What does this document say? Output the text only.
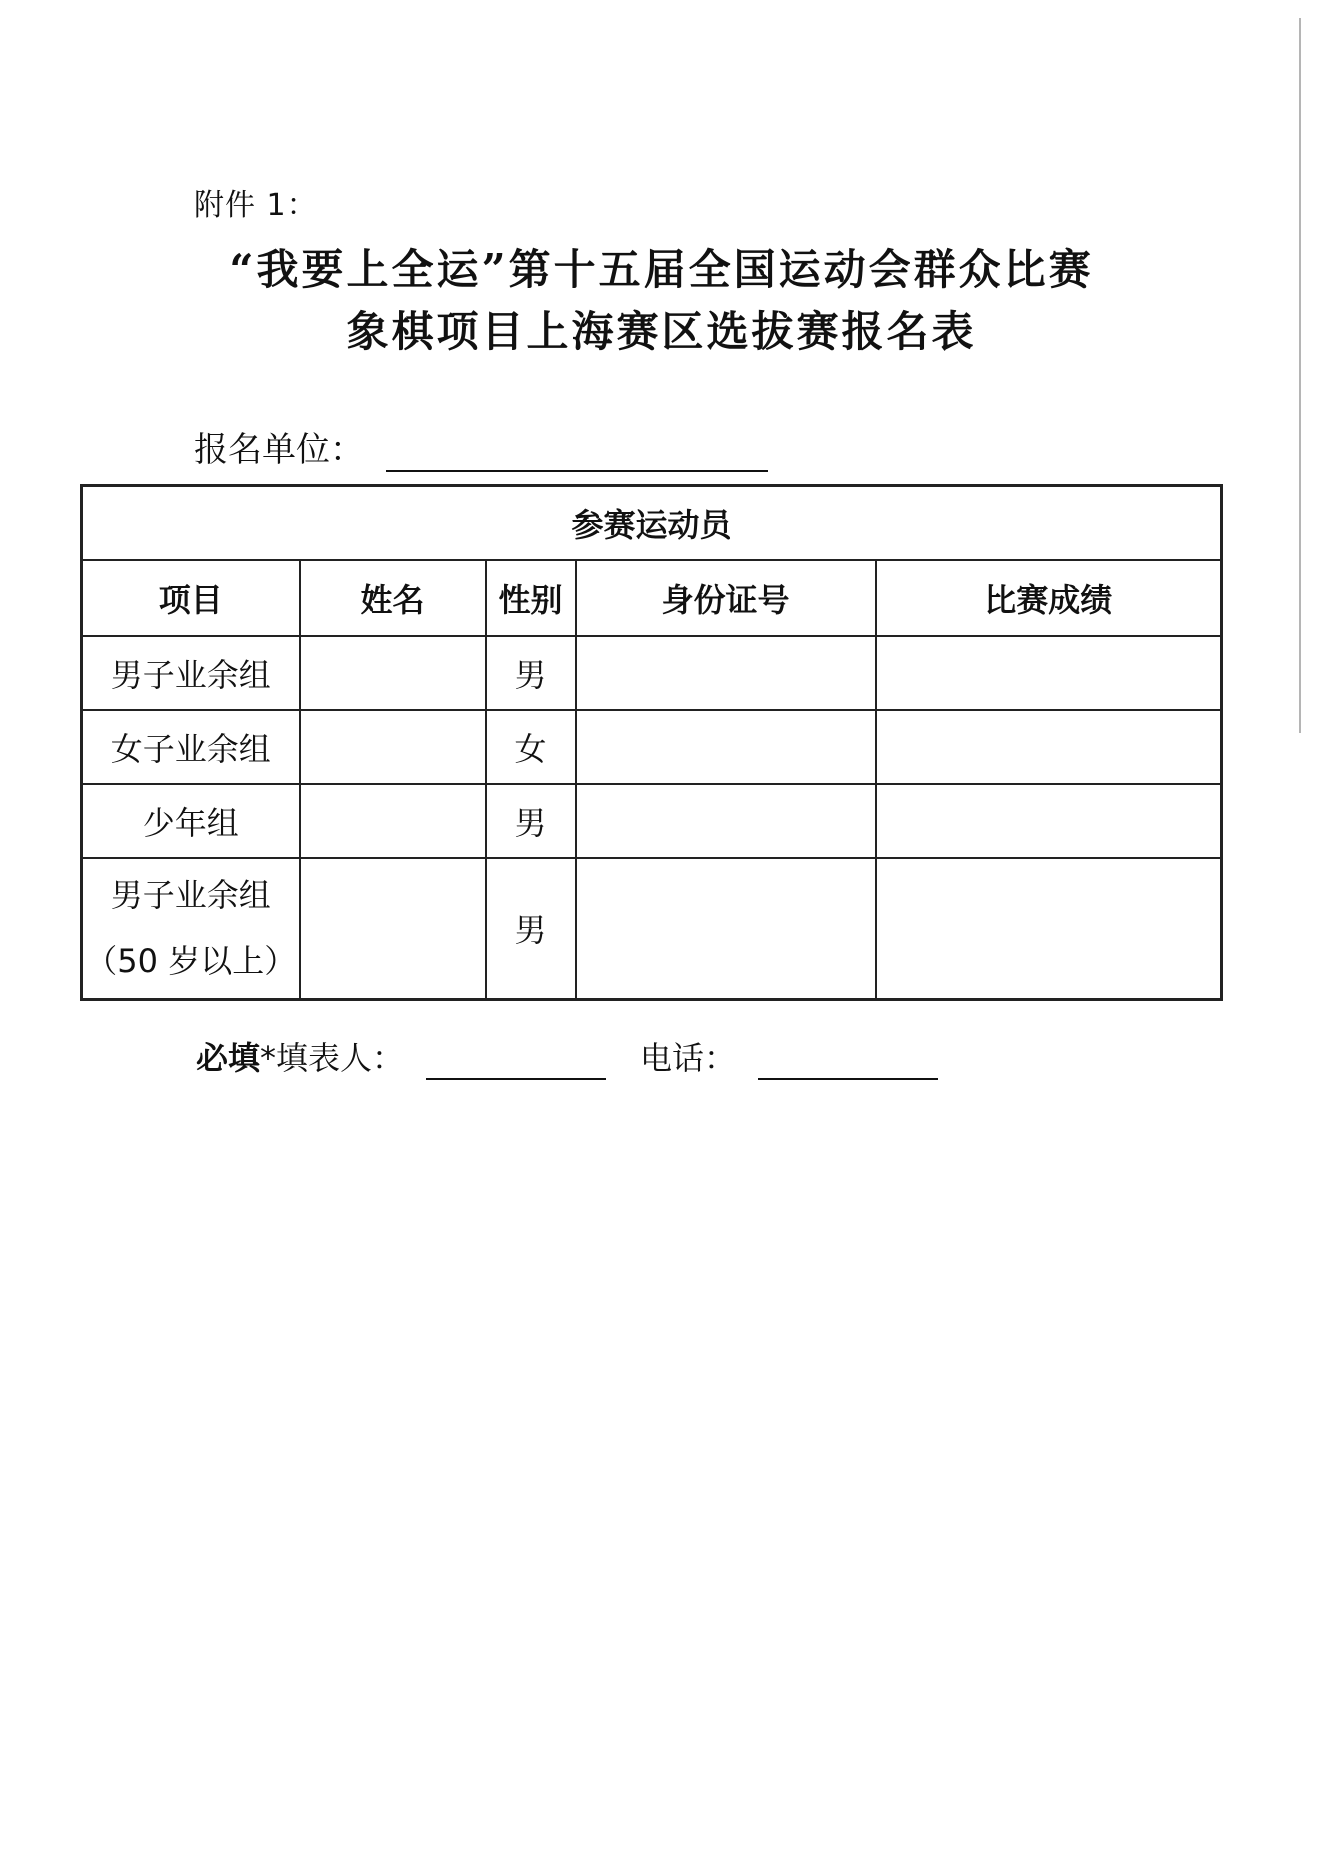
附件 1：
“我要上全运”第十五届全国运动会群众比赛
象棋项目上海赛区选拔赛报名表
报名单位：
参赛运动员				
项目	姓名	性别	身份证号	比赛成绩
男子业余组		男		
女子业余组		女		
少年组		男		

男子业余组
（50 岁以上）		男		
必填 *填表人：	电话：
